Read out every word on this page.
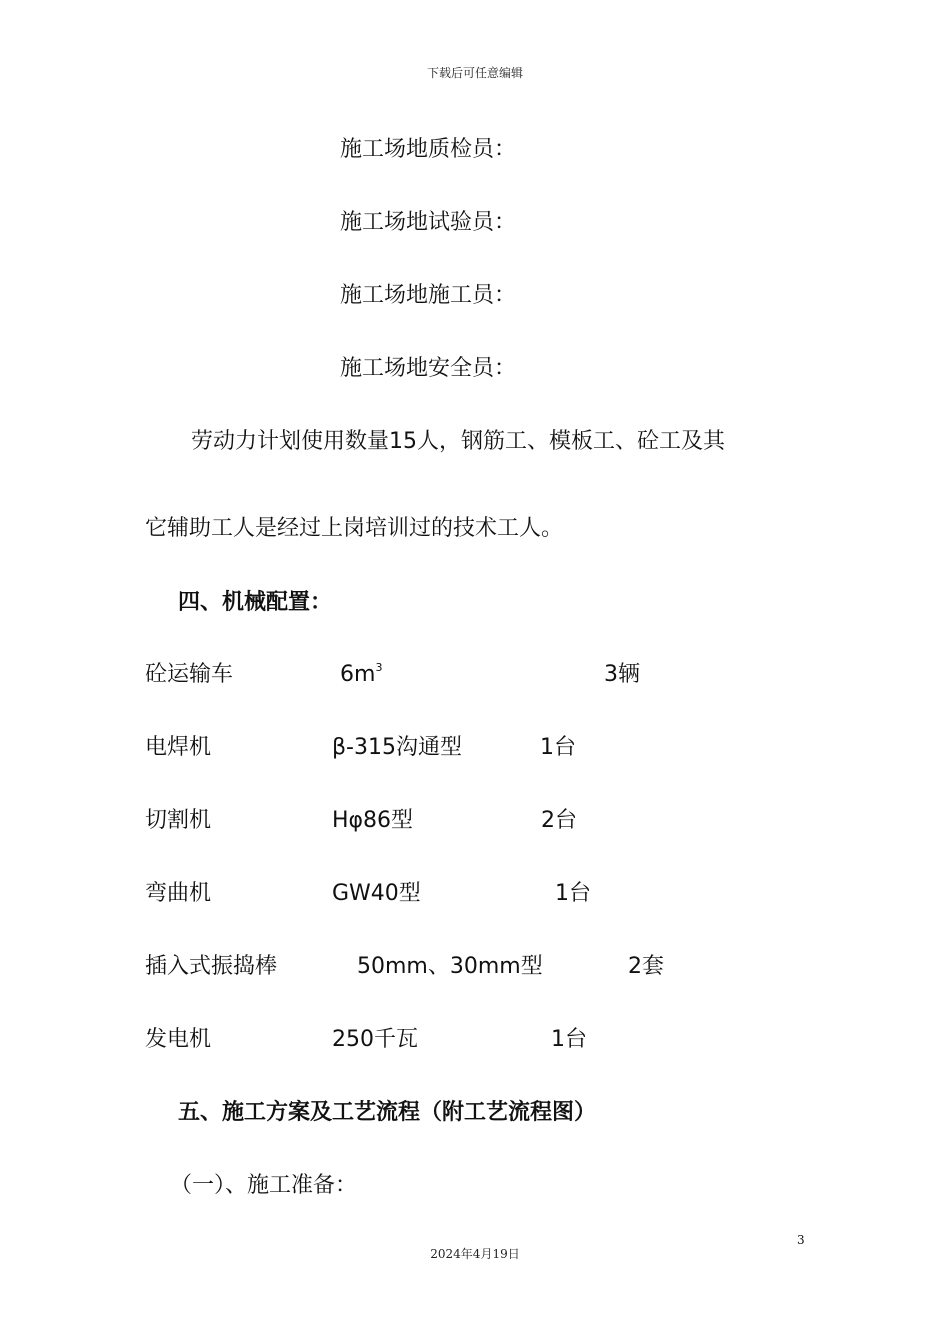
下载后可任意编辑
施工场地质检员：
施工场地试验员：
施工场地施工员：
施工场地安全员：
劳动力计划使用数量15人，钢筋工、模板工、砼工及其
它辅助工人是经过上岗培训过的技术工人。
四、机械配置：
砼运输车	$6m^3$	3辆
电焊机	β-315沟通型	1台
切割机	Hφ86型	2台
弯曲机	GW40型	1台
插入式振捣棒	50mm、30mm型	2套
发电机	250千瓦	1台
五、施工方案及工艺流程（附工艺流程图）
（一）、施工准备：
3
2024年4月19日
